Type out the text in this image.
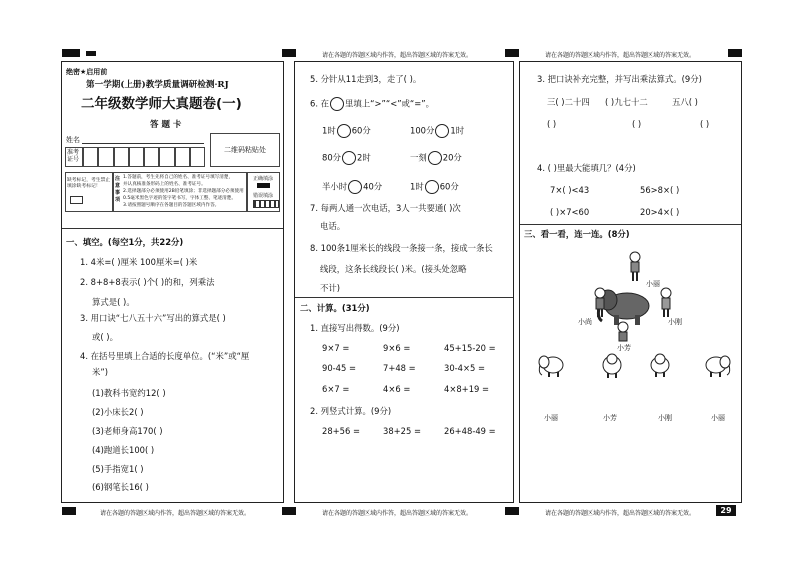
请在各题的答题区域内作答，超出答题区域的答案无效。	请在各题的答题区域内作答，超出答题区域的答案无效。
请在各题的答题区域内作答，超出答题区域的答案无效。	请在各题的答题区域内作答，超出答题区域的答案无效。	请在各题的答题区域内作答，超出答题区域的答案无效。	29
绝密★启用前
第一学期(上册)教学质量调研检测·RJ
二年级数学师大真题卷(一)
答 题 卡
姓名
准考证号
二维码粘贴处
缺考标记，考生禁止填涂缺考标记！
注意事项
1.答题前，考生先将自己的姓名、准考证号填写清楚，
并认真核准条形码上的姓名、准考证号。
2.选择题部分必须使用2B铅笔填涂；非选择题部分必须使用
0.5毫米黑色字迹的签字笔书写，字体工整、笔迹清楚。
3.请按照题号顺序在各题目的答题区域内作答。
正确填涂
错误填涂
一、填空。(每空1分，共22分)
1. 4米=( )厘米 100厘米=( )米
2. 8+8+8表示( )个( )的和，列乘法
算式是( )。
3. 用口诀“七八五十六”写出的算式是( )
或( )。
4. 在括号里填上合适的长度单位。(“米”或“厘
米”)
(1)教科书宽约12( )
(2)小床长2( )
(3)老师身高170( )
(4)跑道长100( )
(5)手指宽1( )
(6)钢笔长16( )
5. 分针从11走到3，走了( )。
6. 在 里填上“>”“<”或“=”。
1时 60分	100分 1时
80分 2时	一刻 20分
半小时 40分	1时 60分
7. 每两人通一次电话，3人一共要通( )次
电话。
8. 100条1厘米长的线段一条接一条，接成一条长
线段，这条长线段长( )米。(接头处忽略
不计)
二、计算。(31分)
1. 直接写出得数。(9分)
9×7 =	9×6 =	45+15-20 =
90-45 =	7+48 =	30-4×5 =
6×7 =	4×6 =	4×8+19 =
2. 列竖式计算。(9分)
28+56 =	38+25 =	26+48-49 =
3. 把口诀补充完整，并写出乘法算式。(9分)
三( )二十四 ( )九七十二	五八( )
( )	( )	( )
4. ( )里最大能填几？(4分)
7×( )<43	56>8×( )
( )×7<60	20>4×( )
三、看一看，连一连。(8分)
小丽
小尚	小刚
小芳
小丽	小芳	小刚	小丽
